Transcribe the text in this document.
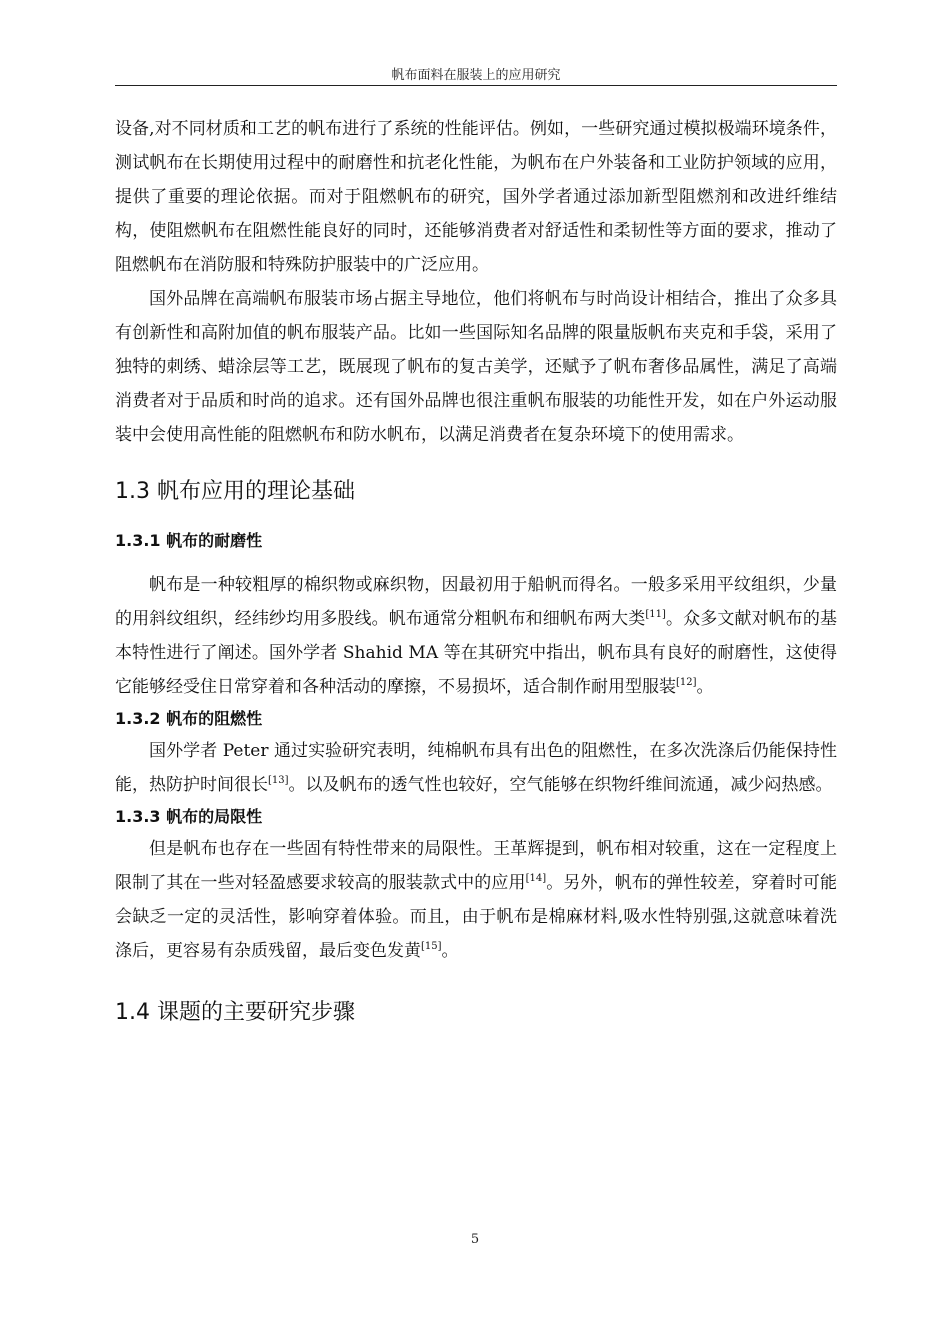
帆布面料在服装上的应用研究

设备,对不同材质和工艺的帆布进行了系统的性能评估。例如，一些研究通过模拟极端环境条件，测试帆布在长期使用过程中的耐磨性和抗老化性能，为帆布在户外装备和工业防护领域的应用，提供了重要的理论依据。而对于阻燃帆布的研究，国外学者通过添加新型阻燃剂和改进纤维结构，使阻燃帆布在阻燃性能良好的同时，还能够消费者对舒适性和柔韧性等方面的要求，推动了阻燃帆布在消防服和特殊防护服装中的广泛应用。

国外品牌在高端帆布服装市场占据主导地位，他们将帆布与时尚设计相结合，推出了众多具有创新性和高附加值的帆布服装产品。比如一些国际知名品牌的限量版帆布夹克和手袋，采用了独特的刺绣、蜡涂层等工艺，既展现了帆布的复古美学，还赋予了帆布奢侈品属性，满足了高端消费者对于品质和时尚的追求。还有国外品牌也很注重帆布服装的功能性开发，如在户外运动服装中会使用高性能的阻燃帆布和防水帆布，以满足消费者在复杂环境下的使用需求。

1.3 帆布应用的理论基础
1.3.1 帆布的耐磨性

帆布是一种较粗厚的棉织物或麻织物，因最初用于船帆而得名。一般多采用平纹组织，少量的用斜纹组织，经纬纱均用多股线。帆布通常分粗帆布和细帆布两大类[11]。众多文献对帆布的基本特性进行了阐述。国外学者 Shahid MA 等在其研究中指出，帆布具有良好的耐磨性，这使得它能够经受住日常穿着和各种活动的摩擦，不易损坏，适合制作耐用型服装[12]。

1.3.2 帆布的阻燃性

国外学者 Peter 通过实验研究表明，纯棉帆布具有出色的阻燃性，在多次洗涤后仍能保持性能，热防护时间很长[13]。以及帆布的透气性也较好，空气能够在织物纤维间流通，减少闷热感。

1.3.3 帆布的局限性

但是帆布也存在一些固有特性带来的局限性。王革辉提到，帆布相对较重，这在一定程度上限制了其在一些对轻盈感要求较高的服装款式中的应用[14]。另外，帆布的弹性较差，穿着时可能会缺乏一定的灵活性，影响穿着体验。而且，由于帆布是棉麻材料,吸水性特别强,这就意味着洗涤后，更容易有杂质残留，最后变色发黄[15]。

1.4 课题的主要研究步骤
5
